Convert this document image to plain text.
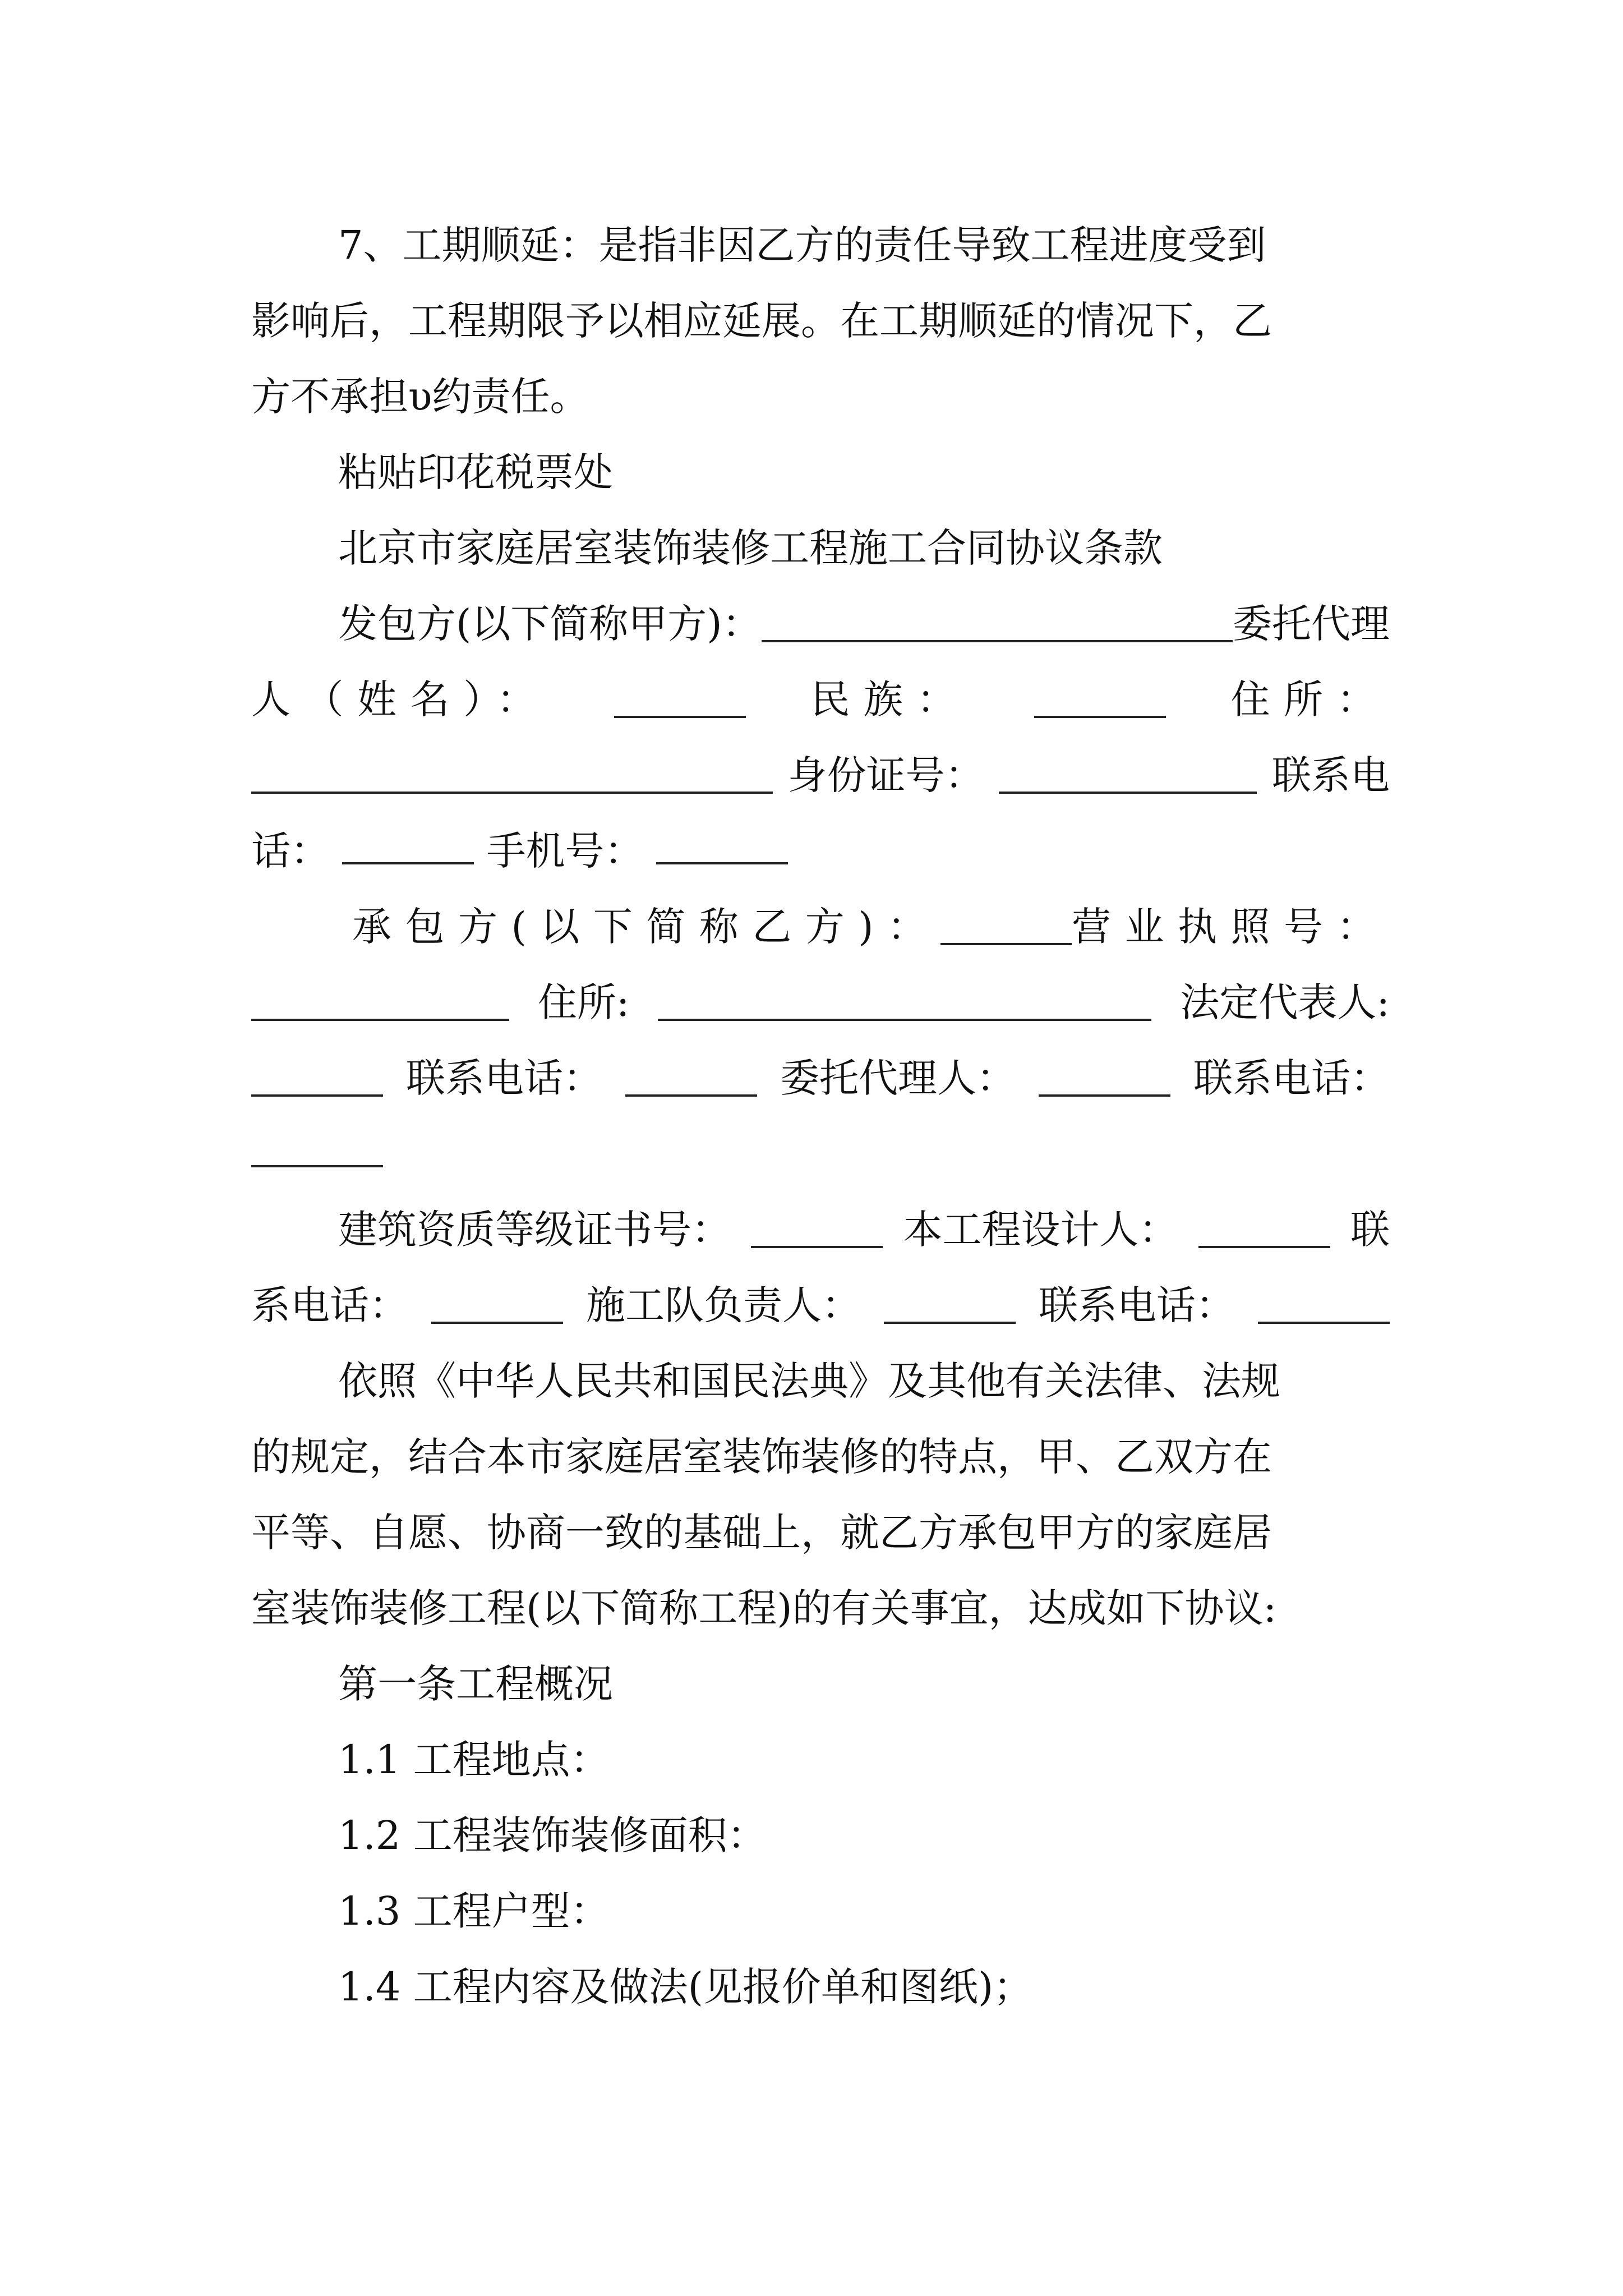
7、工期顺延：是指非因乙方的责任导致工程进度受到
影响后，工程期限予以相应延展。在工期顺延的情况下，乙
方不承担υ约责任。
粘贴印花税票处
北京市家庭居室装饰装修工程施工合同协议条款
发包方(以下简称甲方)：	委托代理
人（姓名）：	民族：	住所：
身份证号：	联系电
话：	手机号：
承包方(以下简称乙方)：	营业执照号：
住所:	法定代表人:
联系电话：	委托代理人：	联系电话：
建筑资质等级证书号：	本工程设计人：	联
系电话：	施工队负责人：	联系电话：
依照《中华人民共和国民法典》及其他有关法律、法规
的规定，结合本市家庭居室装饰装修的特点，甲、乙双方在
平等、自愿、协商一致的基础上，就乙方承包甲方的家庭居
室装饰装修工程(以下简称工程)的有关事宜，达成如下协议:
第一条工程概况
1.1 工程地点：
1.2 工程装饰装修面积：
1.3 工程户型：
1.4 工程内容及做法(见报价单和图纸)；
